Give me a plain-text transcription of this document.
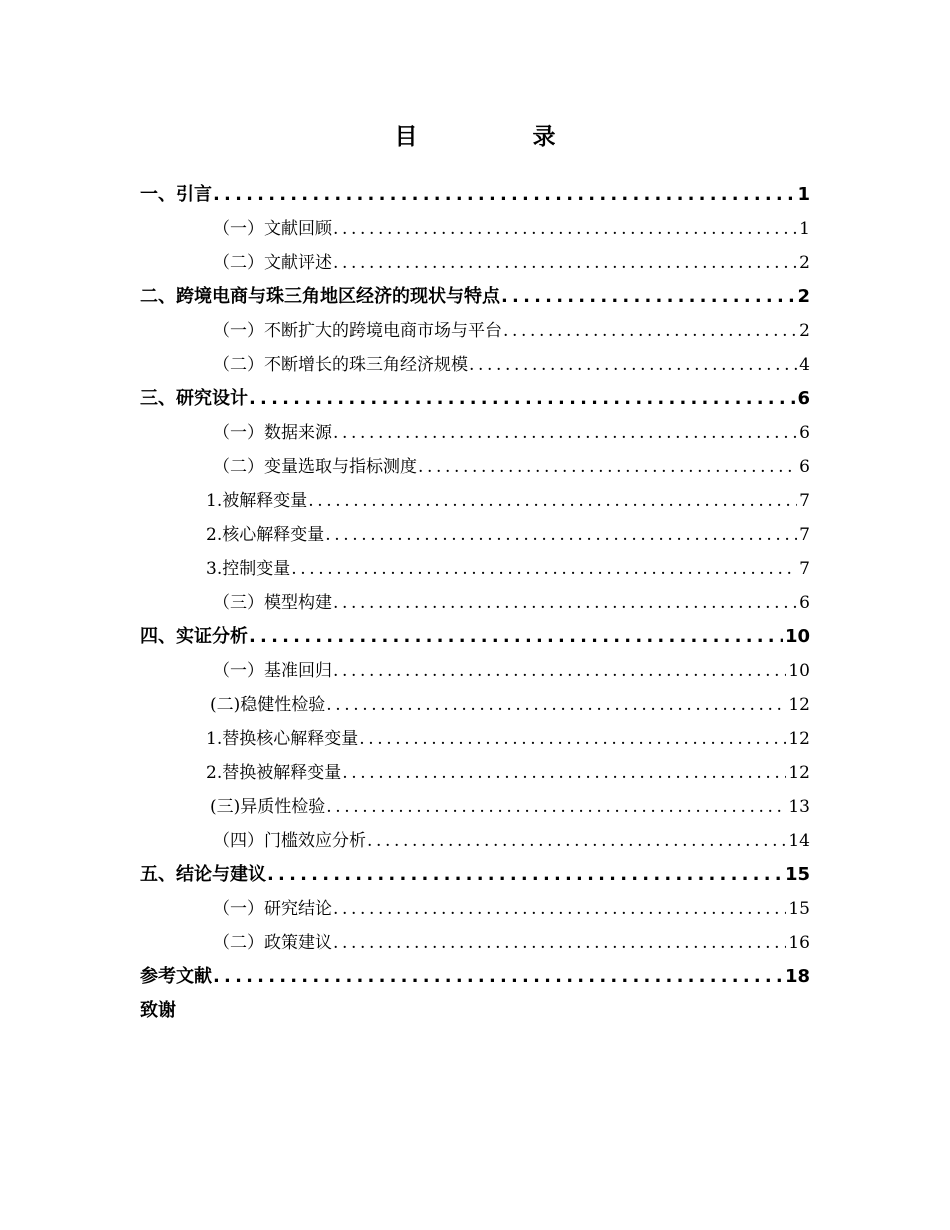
目　录
一、引言 .....	1
（一）文献回顾 .....	1
（二）文献评述 .....	2
二、跨境电商与珠三角地区经济的现状与特点 .....	2
（一）不断扩大的跨境电商市场与平台 .....	2
（二）不断增长的珠三角经济规模 .....	4
三、研究设计 .....	6
（一）数据来源 .....	6
（二）变量选取与指标测度 .....	6
1.被解释变量 .....	7
2.核心解释变量 .....	7
3.控制变量 .....	7
（三）模型构建 .....	6
四、实证分析 .....	10
（一）基准回归 .....	10
(二)稳健性检验 .....	12
1.替换核心解释变量 .....	12
2.替换被解释变量 .....	12
(三)异质性检验 .....	13
（四）门槛效应分析 .....	14
五、结论与建议 .....	15
（一）研究结论 .....	15
（二）政策建议 .....	16
参考文献 .....	18
致谢
